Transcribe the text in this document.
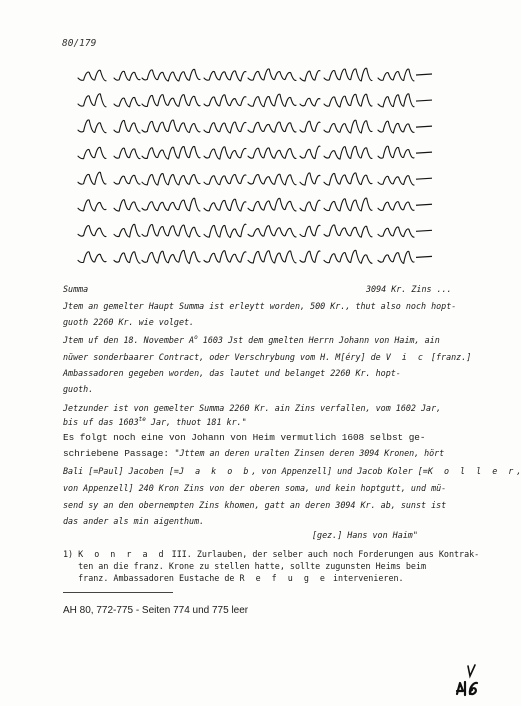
80/179
Summa	3094 Kr. Zins ...
Jtem an gemelter Haupt Summa ist erleytt worden, 500 Kr., thut also noch hopt-
guoth 2260 Kr. wie volget.
Jtem uf den 18. November $A^o$ 1603 Jst dem gmelten Herrn Johann von Haim, ain
nüwer sonderbaarer Contract, oder Verschrybung vom H. M[éry] de V i c [franz.]
Ambassadoren gegeben worden, das lautet und belanget 2260 Kr. hopt-
guoth.
Jetzunder ist von gemelter Summa 2260 Kr. ain Zins verfallen, vom 1602 Jar,
bis uf das $1603^{te}$ Jar, thuot 181 kr."
Es folgt noch eine von Johann von Heim vermutlich 1608 selbst ge-
schriebene Passage: "Jttem an deren uralten Zinsen deren 3094 Kronen, hört
Bali [=Paul] Jacoben [=J a k o b, von Appenzell] und Jacob Koler [=K o l l e r,
von Appenzell] 240 Kron Zins von der oberen soma, und kein hoptgutt, und mü-
send sy an den obernempten Zins khomen, gatt an deren 3094 Kr. ab, sunst ist
das ander als min aigenthum.
[gez.] Hans von Haim"
1) K o n r a d III. Zurlauben, der selber auch noch Forderungen aus Kontrak-
ten an die franz. Krone zu stellen hatte, sollte zugunsten Heims beim
franz. Ambassadoren Eustache de R e f u g e intervenieren.
AH 80, 772-775 - Seiten 774 und 775 leer
